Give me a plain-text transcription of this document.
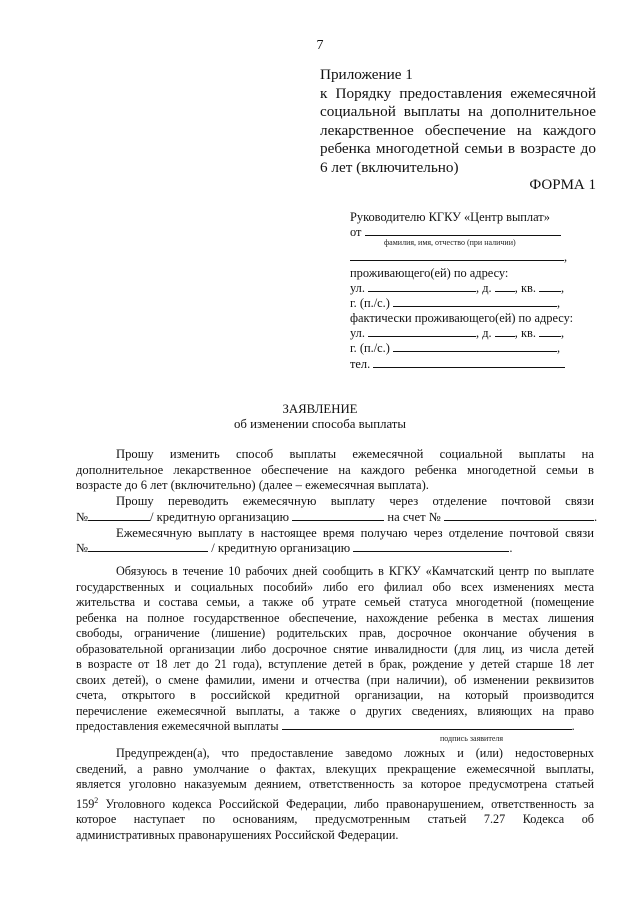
7
Приложение 1
к Порядку предоставления ежемесячной
социальной выплаты на дополнительное
лекарственное обеспечение на каждого
ребенка многодетной семьи в возрасте до
6 лет (включительно)
ФОРМА 1
Руководителю КГКУ «Центр выплат»
от
фамилия, имя, отчество (при наличии)
,
проживающего(ей) по адресу:
ул.	, д. , кв. ,
г. (п./с.)	,
фактически проживающего(ей) по адресу:
ул.	, д. , кв. ,
г. (п./с.)	,
тел.
ЗАЯВЛЕНИЕ
об изменении способа выплаты
Прошу изменить способ выплаты ежемесячной социальной выплаты на
дополнительное лекарственное обеспечение на каждого ребенка многодетной семьи в
возрасте до 6 лет (включительно) (далее – ежемесячная выплата).
Прошу переводить ежемесячную выплату через отделение почтовой связи
№	/ кредитную организацию	на счет №	.
Ежемесячную выплату в настоящее время получаю через отделение почтовой связи
№	/ кредитную организацию	.
Обязуюсь в течение 10 рабочих дней сообщить в КГКУ «Камчатский центр по выплате
государственных и социальных пособий» либо его филиал обо всех изменениях места
жительства и состава семьи, а также об утрате семьей статуса многодетной (помещение
ребенка на полное государственное обеспечение, нахождение ребенка в местах лишения
свободы, ограничение (лишение) родительских прав, досрочное окончание обучения в
образовательной организации либо досрочное снятие инвалидности (для лиц, из числа детей
в возрасте от 18 лет до 21 года), вступление детей в брак, рождение у детей старше 18 лет
своих детей), о смене фамилии, имени и отчества (при наличии), об изменении реквизитов
счета, открытого в российской кредитной организации, на который производится
перечисление ежемесячной выплаты, а также о других сведениях, влияющих на право
предоставления ежемесячной выплаты	.
подпись заявителя
Предупрежден(а), что предоставление заведомо ложных и (или) недостоверных
сведений, а равно умолчание о фактах, влекущих прекращение ежемесячной выплаты,
является уголовно наказуемым деянием, ответственность за которое предусмотрена статьей
$159^2$ Уголовного кодекса Российской Федерации, либо правонарушением, ответственность за
которое наступает по основаниям, предусмотренным статьей 7.27 Кодекса об
административных правонарушениях Российской Федерации.
